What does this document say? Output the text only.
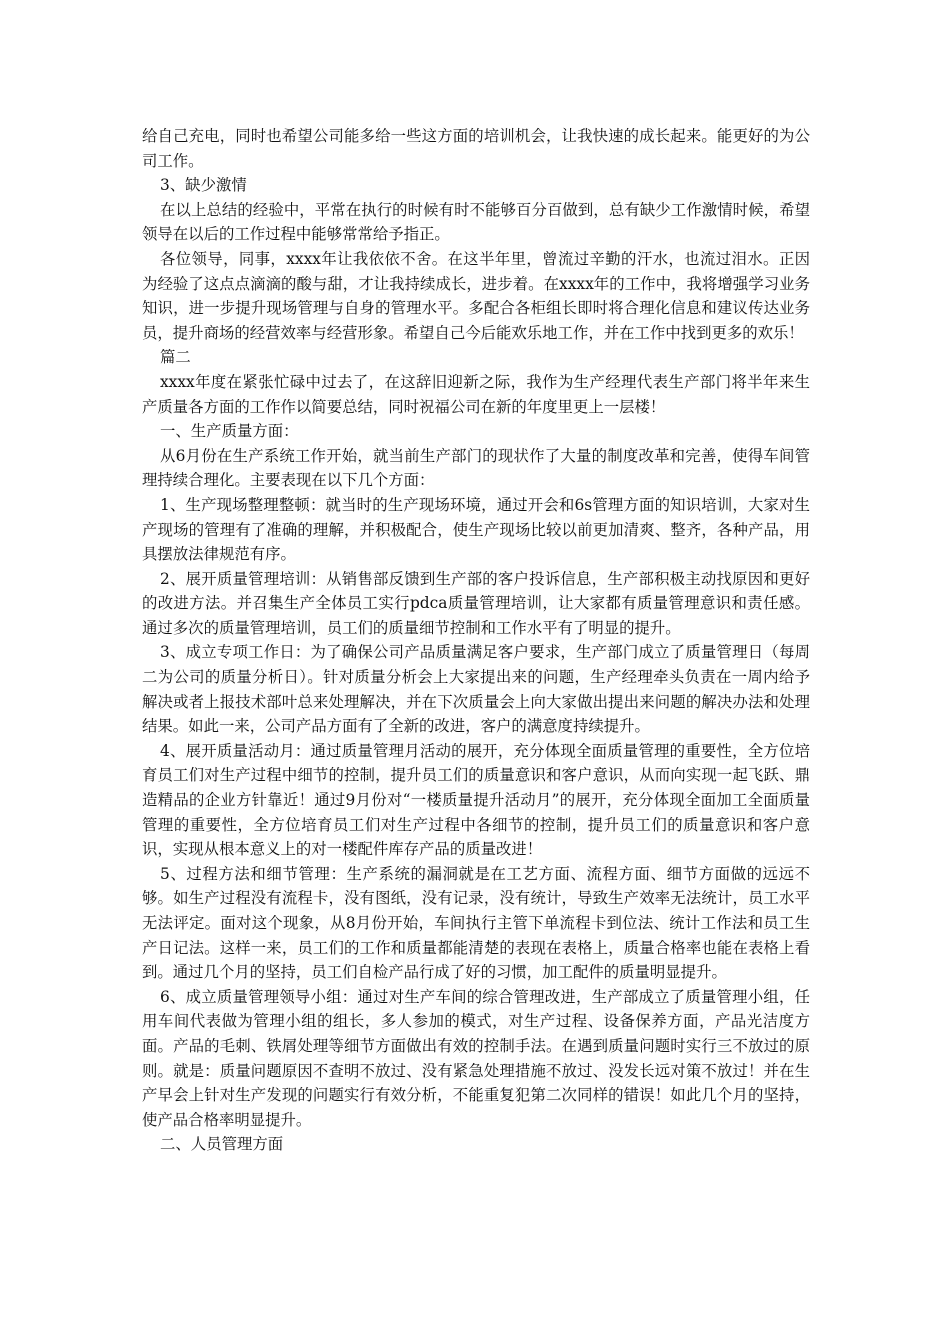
给自己充电，同时也希望公司能多给一些这方面的培训机会，让我快速的成长起来。能更好的为公司工作。

3、缺少激情

在以上总结的经验中，平常在执行的时候有时不能够百分百做到，总有缺少工作激情时候，希望领导在以后的工作过程中能够常常给予指正。

各位领导，同事，xxxx年让我依依不舍。在这半年里，曾流过辛勤的汗水，也流过泪水。正因为经验了这点点滴滴的酸与甜，才让我持续成长，进步着。在xxxx年的工作中，我将增强学习业务知识，进一步提升现场管理与自身的管理水平。多配合各柜组长即时将合理化信息和建议传达业务员，提升商场的经营效率与经营形象。希望自己今后能欢乐地工作，并在工作中找到更多的欢乐！

篇二

xxxx年度在紧张忙碌中过去了，在这辞旧迎新之际，我作为生产经理代表生产部门将半年来生产质量各方面的工作作以简要总结，同时祝福公司在新的年度里更上一层楼！

一、生产质量方面：

从6月份在生产系统工作开始，就当前生产部门的现状作了大量的制度改革和完善，使得车间管理持续合理化。主要表现在以下几个方面：

1、生产现场整理整顿：就当时的生产现场环境，通过开会和6s管理方面的知识培训，大家对生产现场的管理有了准确的理解，并积极配合，使生产现场比较以前更加清爽、整齐，各种产品，用具摆放法律规范有序。

2、展开质量管理培训：从销售部反馈到生产部的客户投诉信息，生产部积极主动找原因和更好的改进方法。并召集生产全体员工实行pdca质量管理培训，让大家都有质量管理意识和责任感。通过多次的质量管理培训，员工们的质量细节控制和工作水平有了明显的提升。

3、成立专项工作日：为了确保公司产品质量满足客户要求，生产部门成立了质量管理日（每周二为公司的质量分析日）。针对质量分析会上大家提出来的问题，生产经理牵头负责在一周内给予解决或者上报技术部叶总来处理解决，并在下次质量会上向大家做出提出来问题的解决办法和处理结果。如此一来，公司产品方面有了全新的改进，客户的满意度持续提升。

4、展开质量活动月：通过质量管理月活动的展开，充分体现全面质量管理的重要性，全方位培育员工们对生产过程中细节的控制，提升员工们的质量意识和客户意识，从而向实现一起飞跃、鼎造精品的企业方针靠近！通过9月份对“一楼质量提升活动月”的展开，充分体现全面加工全面质量管理的重要性，全方位培育员工们对生产过程中各细节的控制，提升员工们的质量意识和客户意识，实现从根本意义上的对一楼配件库存产品的质量改进！

5、过程方法和细节管理：生产系统的漏洞就是在工艺方面、流程方面、细节方面做的远远不够。如生产过程没有流程卡，没有图纸，没有记录，没有统计，导致生产效率无法统计，员工水平无法评定。面对这个现象，从8月份开始，车间执行主管下单流程卡到位法、统计工作法和员工生产日记法。这样一来，员工们的工作和质量都能清楚的表现在表格上，质量合格率也能在表格上看到。通过几个月的坚持，员工们自检产品行成了好的习惯，加工配件的质量明显提升。

6、成立质量管理领导小组：通过对生产车间的综合管理改进，生产部成立了质量管理小组，任用车间代表做为管理小组的组长，多人参加的模式，对生产过程、设备保养方面，产品光洁度方面。产品的毛刺、铁屑处理等细节方面做出有效的控制手法。在遇到质量问题时实行三不放过的原则。就是：质量问题原因不查明不放过、没有紧急处理措施不放过、没发长远对策不放过！并在生产早会上针对生产发现的问题实行有效分析，不能重复犯第二次同样的错误！如此几个月的坚持，使产品合格率明显提升。

二、人员管理方面
